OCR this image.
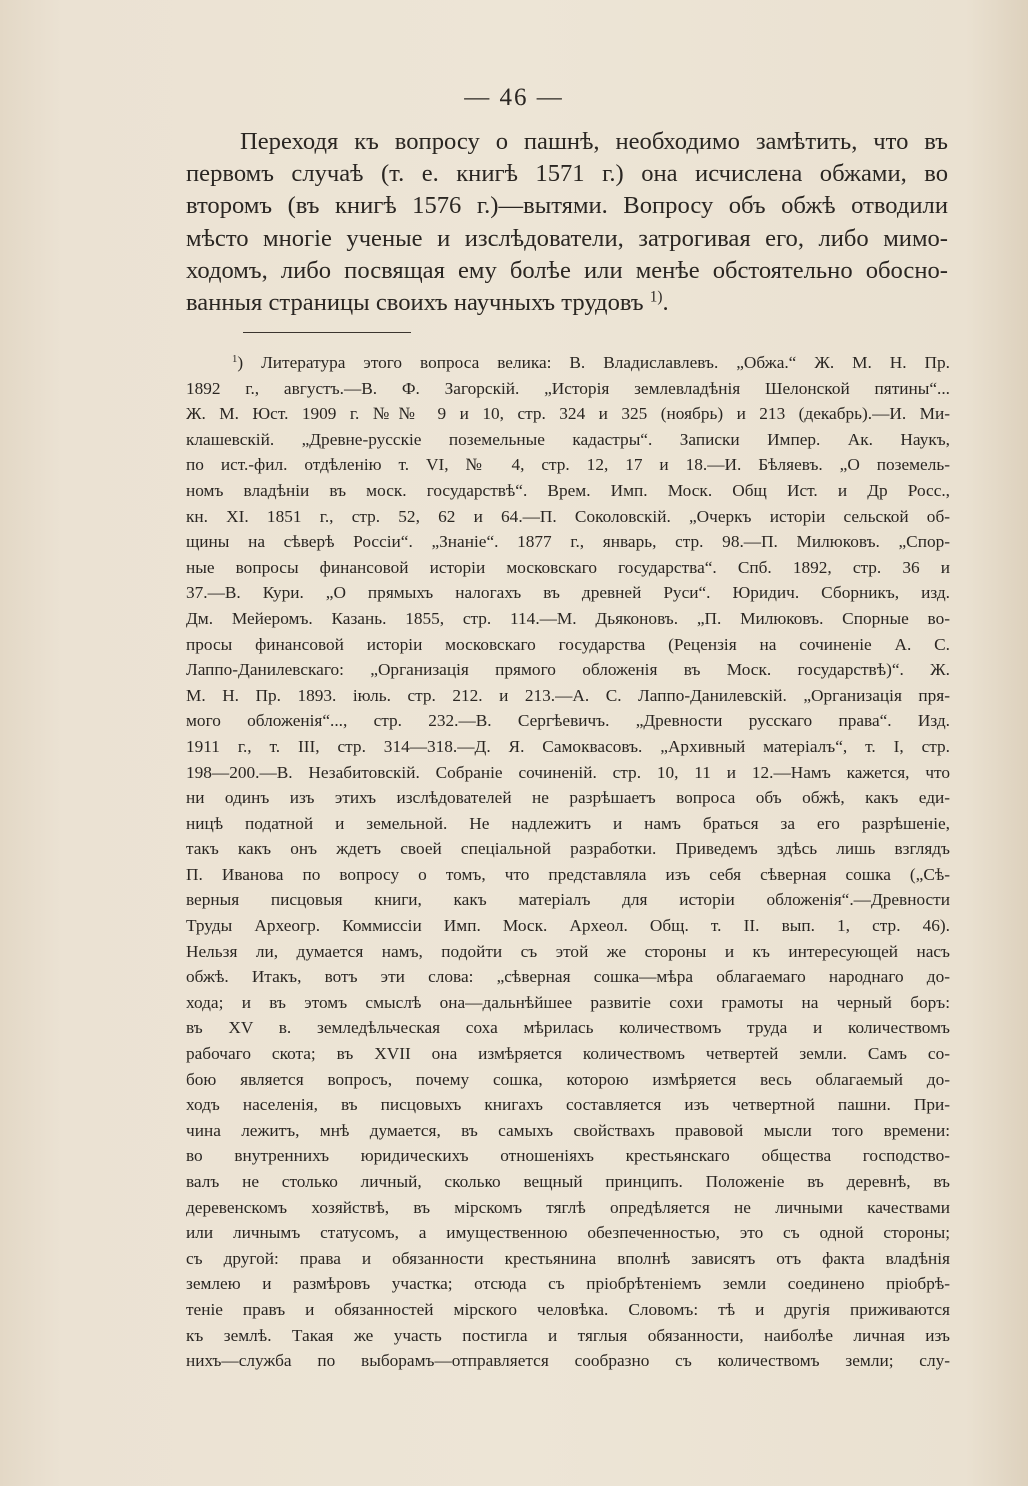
— 46 —
Переходя къ вопросу о пашнѣ, необходимо замѣтить, что въ
первомъ случаѣ (т. е. книгѣ 1571 г.) она исчислена обжами, во
второмъ (въ книгѣ 1576 г.)—вытями. Вопросу объ обжѣ отводили
мѣсто многіе ученые и изслѣдователи, затрогивая его, либо мимо-
ходомъ, либо посвящая ему болѣе или менѣе обстоятельно обосно-
ванныя страницы своихъ научныхъ трудовъ $^{1)}$.
$^1$) Литература этого вопроса велика: В. Владиславлевъ. „Обжа.“ Ж. М. Н. Пр.
1892 г., августъ.—В. Ф. Загорскій. „Исторія землевладѣнія Шелонской пятины“...
Ж. М. Юст. 1909 г. №№ 9 и 10, стр. 324 и 325 (ноябрь) и 213 (декабрь).—И. Ми-
клашевскій. „Древне-русскіе поземельные кадастры“. Записки Импер. Ак. Наукъ,
по ист.-фил. отдѣленію т. VI, № 4, стр. 12, 17 и 18.—И. Бѣляевъ. „О поземель-
номъ владѣніи въ моск. государствѣ“. Врем. Имп. Моск. Общ Ист. и Др Росс.,
кн. XI. 1851 г., стр. 52, 62 и 64.—П. Соколовскій. „Очеркъ исторіи сельской об-
щины на сѣверѣ Россіи“. „Знаніе“. 1877 г., январь, стр. 98.—П. Милюковъ. „Спор-
ные вопросы финансовой исторіи московскаго государства“. Спб. 1892, стр. 36 и
37.—В. Кури. „О прямыхъ налогахъ въ древней Руси“. Юридич. Сборникъ, изд.
Дм. Мейеромъ. Казань. 1855, стр. 114.—М. Дьяконовъ. „П. Милюковъ. Спорные во-
просы финансовой исторіи московскаго государства (Рецензія на сочиненіе А. С.
Лаппо-Данилевскаго: „Организація прямого обложенія въ Моск. государствѣ)“. Ж.
М. Н. Пр. 1893. іюль. стр. 212. и 213.—А. С. Лаппо-Данилевскій. „Организація пря-
мого обложенія“..., стр. 232.—В. Сергѣевичъ. „Древности русскаго права“. Изд.
1911 г., т. III, стр. 314—318.—Д. Я. Самоквасовъ. „Архивный матеріалъ“, т. I, стр.
198—200.—В. Незабитовскій. Собраніе сочиненій. стр. 10, 11 и 12.—Намъ кажется, что
ни одинъ изъ этихъ изслѣдователей не разрѣшаетъ вопроса объ обжѣ, какъ еди-
ницѣ податной и земельной. Не надлежитъ и намъ браться за его разрѣшеніе,
такъ какъ онъ ждетъ своей спеціальной разработки. Приведемъ здѣсь лишь взглядъ
П. Иванова по вопросу о томъ, что представляла изъ себя сѣверная сошка („Сѣ-
верныя писцовыя книги, какъ матеріалъ для исторіи обложенія“.—Древности
Труды Археогр. Коммиссіи Имп. Моск. Археол. Общ. т. II. вып. 1, стр. 46).
Нельзя ли, думается намъ, подойти съ этой же стороны и къ интересующей насъ
обжѣ. Итакъ, вотъ эти слова: „сѣверная сошка—мѣра облагаемаго народнаго до-
хода; и въ этомъ смыслѣ она—дальнѣйшее развитіе сохи грамоты на черный боръ:
въ XV в. земледѣльческая соха мѣрилась количествомъ труда и количествомъ
рабочаго скота; въ XVII она измѣряется количествомъ четвертей земли. Самъ со-
бою является вопросъ, почему сошка, которою измѣряется весь облагаемый до-
ходъ населенія, въ писцовыхъ книгахъ составляется изъ четвертной пашни. При-
чина лежитъ, мнѣ думается, въ самыхъ свойствахъ правовой мысли того времени:
во внутреннихъ юридическихъ отношеніяхъ крестьянскаго общества господство-
валъ не столько личный, сколько вещный принципъ. Положеніе въ деревнѣ, въ
деревенскомъ хозяйствѣ, въ мірскомъ тяглѣ опредѣляется не личными качествами
или личнымъ статусомъ, а имущественною обезпеченностью, это съ одной стороны;
съ другой: права и обязанности крестьянина вполнѣ зависятъ отъ факта владѣнія
землею и размѣровъ участка; отсюда съ пріобрѣтеніемъ земли соединено пріобрѣ-
теніе правъ и обязанностей мірского человѣка. Словомъ: тѣ и другія приживаются
къ землѣ. Такая же участь постигла и тяглыя обязанности, наиболѣе личная изъ
нихъ—служба по выборамъ—отправляется сообразно съ количествомъ земли; слу-
